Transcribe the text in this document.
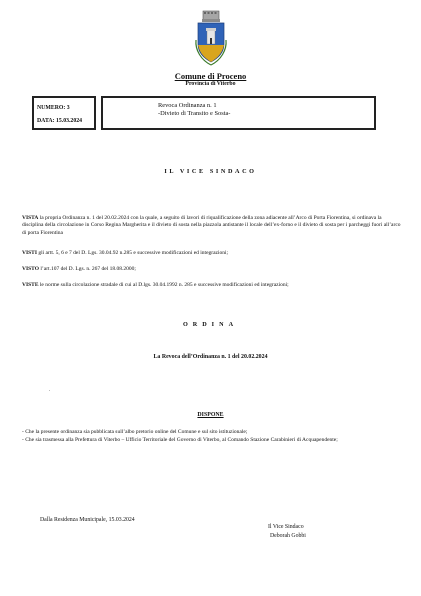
Comune di Proceno
Provincia di Viterbo
NUMERO: 3
DATA: 15.03.2024
Revoca Ordinanza n. 1
-Divieto di Transito e Sosta-
IL VICE SINDACO
VISTA la propria Ordinanza n. 1 del 20.02.2024 con la quale, a seguito di lavori di riqualificazione della zona adiacente all’Arco di Porta Fiorentina, si ordinava la disciplina della circolazione in Corso Regina Margherita e il divieto di sosta nella piazzola antistante il locale dell’ex-forno e il divieto di sosta per i parcheggi fuori all’arco di porta Fiorentina
VISTI gli artt. 5, 6 e 7 del D. Lgs. 30.04.92 n.285 e successive modificazioni ed integrazioni;
VISTO l’art.107 del D. Lgs. n. 267 del 18.08.2000;
VISTE le norme sulla circolazione stradale di cui al D.lgs. 30.04.1992 n. 285 e successive modificazioni ed integrazioni;
ORDINA
La Revoca dell’Ordinanza n. 1 del 20.02.2024
.
DISPONE
- Che la presente ordinanza sia pubblicata sull’albo pretorio online del Comune e sul sito istituzionale;
- Che sia trasmessa alla Prefettura di Viterbo – Ufficio Territoriale del Governo di Viterbo, al Comando Stazione Carabinieri di Acquapendente;
Dalla Residenza Municipale, 15.03.2024
Il Vice Sindaco
Deborah Gobbi
